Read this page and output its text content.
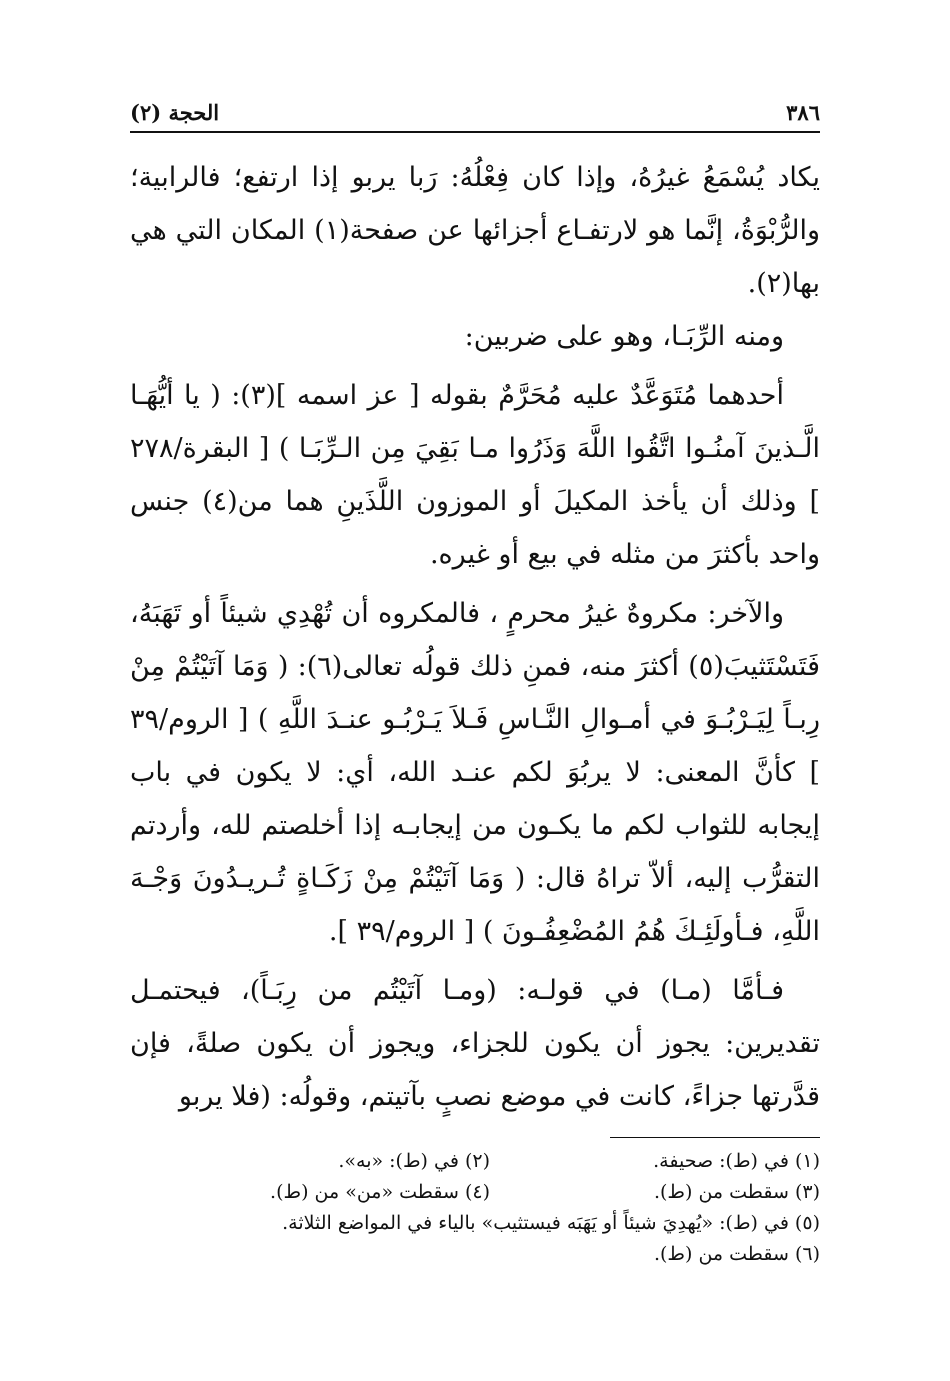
٣٨٦
الحجة (٢)

يكاد يُسْمَعُ غيرُهُ، وإذا كان فِعْلُهُ: رَبا يربو إذا ارتفع؛ فالرابية؛ والرُّبْوَةُ، إنَّما هو لارتفـاع أجزائها عن صفحة(١) المكان التي هي بها(٢).

ومنه الرِّبَـا، وهو على ضربين:

أحدهما مُتَوَعَّدٌ عليه مُحَرَّمٌ بقوله [ عز اسمه ](٣): ( يا أيُّهَـا الَّـذينَ آمنُـوا اتَّقُوا اللَّهَ وَذَرُوا مـا بَقِيَ مِن الـرِّبَـا ) [ البقرة/٢٧٨ ] وذلك أن يأخذ المكيلَ أو الموزون اللَّذَينِ هما من(٤) جنس واحد بأكثرَ من مثله في بيع أو غيره.

والآخر: مكروهٌ غيرُ محرمٍ ، فالمكروه أن تُهْدِي شيئاً أو تَهَبَهُ، فَتَسْتَثيبَ(٥) أكثرَ منه، فمنِ ذلك قولُه تعالى(٦): ( وَمَا آتَيْتُمْ مِنْ رِبـاً لِيَـرْبُـوَ في أمـوالِ النَّـاسِ فَـلاَ يَـرْبُـو عنـدَ اللَّهِ ) [ الروم/٣٩ ] كأنَّ المعنى: لا يربُوَ لكم عنـد الله، أي: لا يكون في باب إيجابه للثواب لكم ما يكـون من إيجابـه إذا أخلصتم لله، وأردتم التقرُّب إليه، ألاّ تراهُ قال: ( وَمَا آتَيْتُمْ مِنْ زَكَـاةٍ تُـريـدُونَ وَجْـهَ اللَّهِ، فـأولَئِـكَ هُمُ المُضْعِفُـونَ ) [ الروم/٣٩ ].

فـأمَّا (مـا) في قولـه: (ومـا آتَيْتُم من رِبَـاً)، فيحتمـل تقديرين: يجوز أن يكون للجزاء، ويجوز أن يكون صلةً، فإن قدَّرتها جزاءً، كانت في موضع نصبٍ بآتيتم، وقولُه: (فلا يربو

(١) في (ط): صحيفة.
(٢) في (ط): «به».
(٣) سقطت من (ط).
(٤) سقطت «من» من (ط).
(٥) في (ط): «يُهدِيَ شيئاً أو يَهَبَه فيستثيب» بالياء في المواضع الثلاثة.
(٦) سقطت من (ط).
